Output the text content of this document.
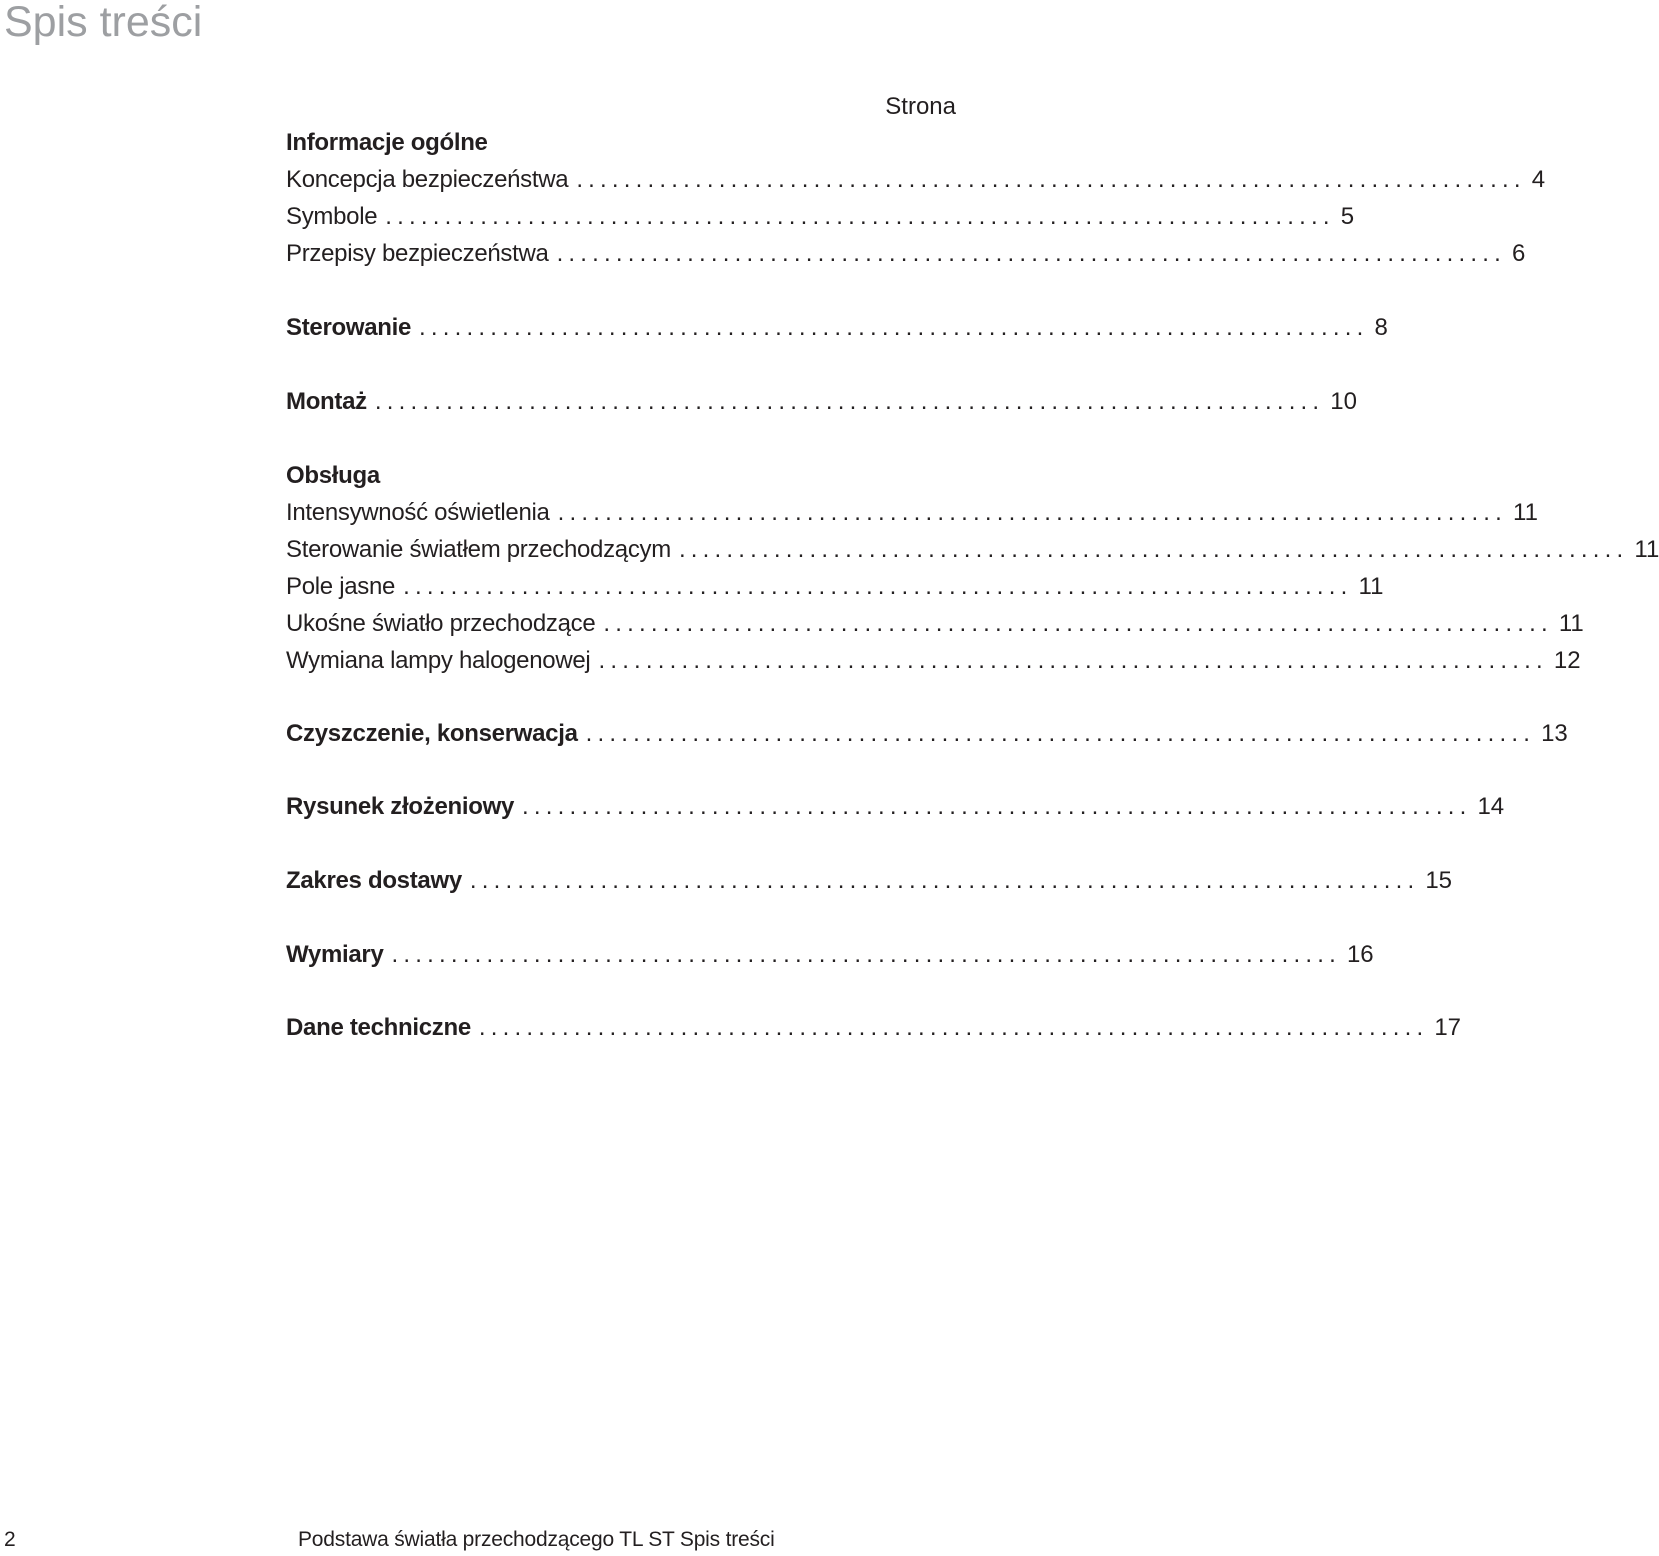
Spis treści
Strona
Informacje ogólne
Koncepcja bezpieczeństwa ................................................................................ 4
Symbole ................................................................................ 5
Przepisy bezpieczeństwa ................................................................................ 6
Sterowanie ................................................................................ 8
Montaż ................................................................................ 10
Obsługa
Intensywność oświetlenia ................................................................................ 11
Sterowanie światłem przechodzącym ................................................................................ 11
Pole jasne ................................................................................ 11
Ukośne światło przechodzące ................................................................................ 11
Wymiana lampy halogenowej ................................................................................ 12
Czyszczenie, konserwacja ................................................................................ 13
Rysunek złożeniowy ................................................................................ 14
Zakres dostawy ................................................................................ 15
Wymiary ................................................................................ 16
Dane techniczne ................................................................................ 17
2	Podstawa światła przechodzącego TL ST Spis treści
